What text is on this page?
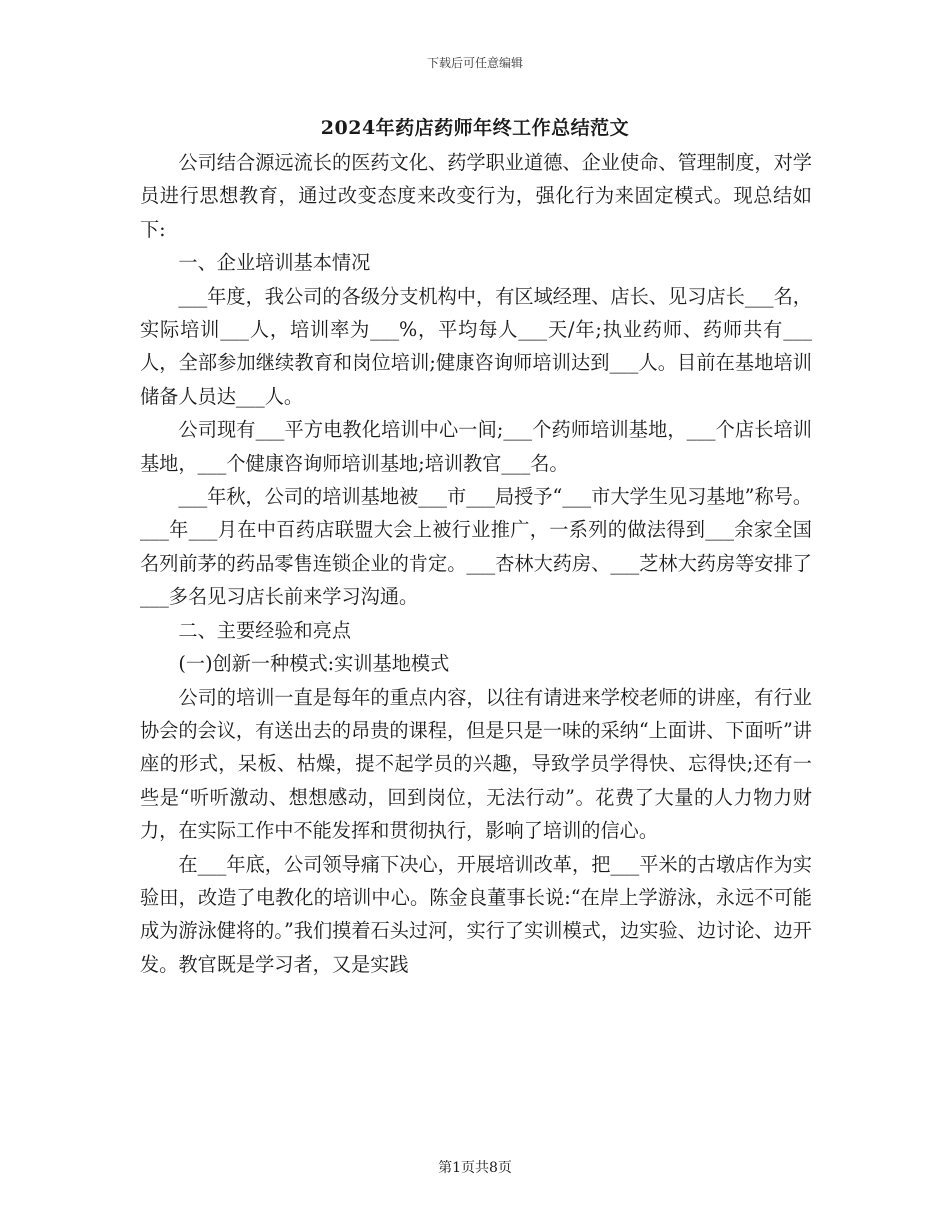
下载后可任意编辑
2024年药店药师年终工作总结范文

公司结合源远流长的医药文化、药学职业道德、企业使命、管理制度，对学员进行思想教育，通过改变态度来改变行为，强化行为来固定模式。现总结如下:

一、企业培训基本情况

___年度，我公司的各级分支机构中，有区域经理、店长、见习店长___名，实际培训___人，培训率为___%，平均每人___天/年;执业药师、药师共有___人，全部参加继续教育和岗位培训;健康咨询师培训达到___人。目前在基地培训储备人员达___人。

公司现有___平方电教化培训中心一间;___个药师培训基地，___个店长培训基地，___个健康咨询师培训基地;培训教官___名。

___年秋，公司的培训基地被___市___局授予“___市大学生见习基地”称号。___年___月在中百药店联盟大会上被行业推广，一系列的做法得到___余家全国名列前茅的药品零售连锁企业的肯定。___杏林大药房、___芝林大药房等安排了___多名见习店长前来学习沟通。

二、主要经验和亮点

(一)创新一种模式:实训基地模式

公司的培训一直是每年的重点内容，以往有请进来学校老师的讲座，有行业协会的会议，有送出去的昂贵的课程，但是只是一味的采纳“上面讲、下面听”讲座的形式，呆板、枯燥，提不起学员的兴趣，导致学员学得快、忘得快;还有一些是“听听激动、想想感动，回到岗位，无法行动”。花费了大量的人力物力财力，在实际工作中不能发挥和贯彻执行，影响了培训的信心。

在___年底，公司领导痛下决心，开展培训改革，把___平米的古墩店作为实验田，改造了电教化的培训中心。陈金良董事长说:“在岸上学游泳，永远不可能成为游泳健将的。”我们摸着石头过河，实行了实训模式，边实验、边讨论、边开发。教官既是学习者，又是实践

第1页共8页
